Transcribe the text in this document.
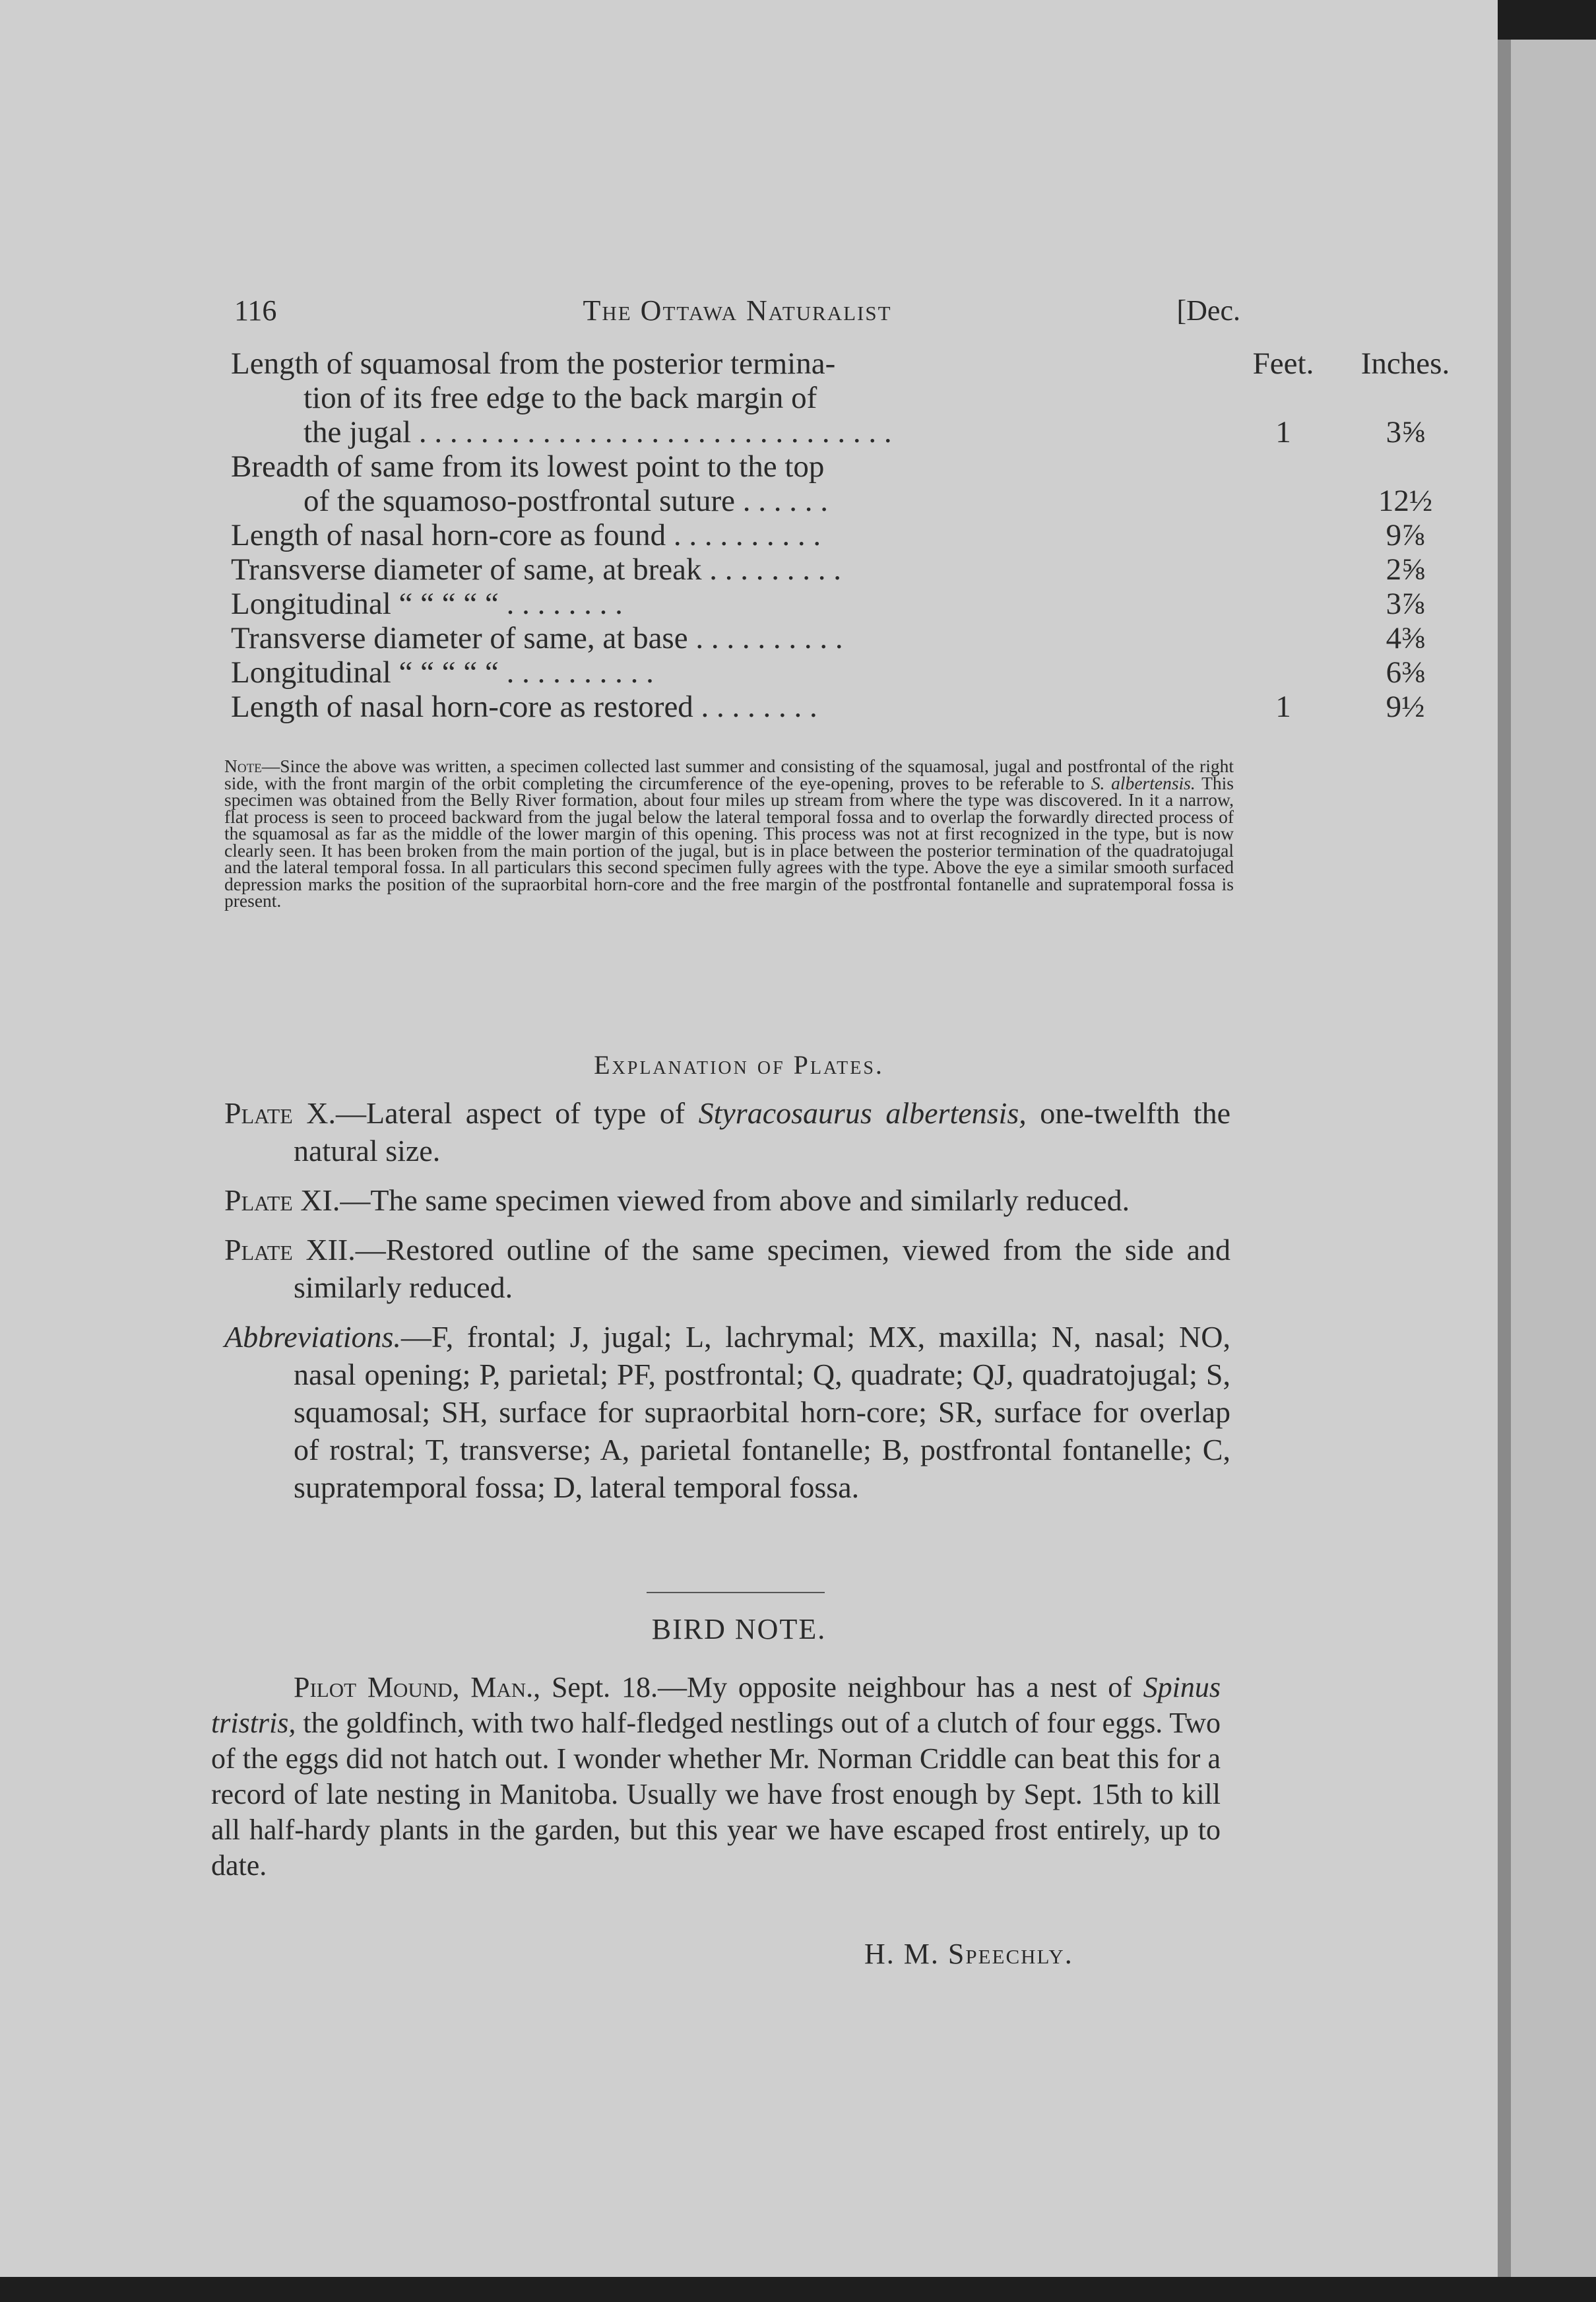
116	The Ottawa Naturalist	[Dec.
Length of squamosal from the posterior termina-	Feet. Inches.
tion of its free edge to the back margin of
the jugal . . . . . . . . . . . . . . . . . . . . . . . . . . . . . . .	1	3⅝
Breadth of same from its lowest point to the top
of the squamoso-postfrontal suture . . . . . .	12½
Length of nasal horn-core as found . . . . . . . . . .	9⅞
Transverse diameter of same, at break . . . . . . . . .	2⅝
Longitudinal “ “ “ “ “ . . . . . . . .	3⅞
Transverse diameter of same, at base . . . . . . . . . .	4⅜
Longitudinal “ “ “ “ “ . . . . . . . . . .	6⅜
Length of nasal horn-core as restored . . . . . . . .	1	9½
Note—Since the above was written, a specimen collected last summer and consisting of the squamosal, jugal and postfrontal of the right side, with the front margin of the orbit completing the circumference of the eye-opening, proves to be referable to S. albertensis. This specimen was obtained from the Belly River formation, about four miles up stream from where the type was discovered. In it a narrow, flat process is seen to proceed backward from the jugal below the lateral temporal fossa and to overlap the forwardly directed process of the squamosal as far as the middle of the lower margin of this opening. This process was not at first recognized in the type, but is now clearly seen. It has been broken from the main portion of the jugal, but is in place between the posterior termination of the quadratojugal and the lateral temporal fossa. In all particulars this second specimen fully agrees with the type. Above the eye a similar smooth surfaced depression marks the position of the supraorbital horn-core and the free margin of the postfrontal fontanelle and supratemporal fossa is present.
Explanation of Plates.

Plate X.—Lateral aspect of type of Styracosaurus albertensis, one-twelfth the natural size.

Plate XI.—The same specimen viewed from above and similarly reduced.

Plate XII.—Restored outline of the same specimen, viewed from the side and similarly reduced.

Abbreviations.—F, frontal; J, jugal; L, lachrymal; MX, maxilla; N, nasal; NO, nasal opening; P, parietal; PF, postfrontal; Q, quadrate; QJ, quadratojugal; S, squamosal; SH, surface for supraorbital horn-core; SR, surface for overlap of rostral; T, transverse; A, parietal fontanelle; B, postfrontal fontanelle; C, supratemporal fossa; D, lateral temporal fossa.

BIRD NOTE.

Pilot Mound, Man., Sept. 18.—My opposite neighbour has a nest of Spinus tristris, the goldfinch, with two half-fledged nestlings out of a clutch of four eggs. Two of the eggs did not hatch out. I wonder whether Mr. Norman Criddle can beat this for a record of late nesting in Manitoba. Usually we have frost enough by Sept. 15th to kill all half-hardy plants in the garden, but this year we have escaped frost entirely, up to date.

H. M. Speechly.
